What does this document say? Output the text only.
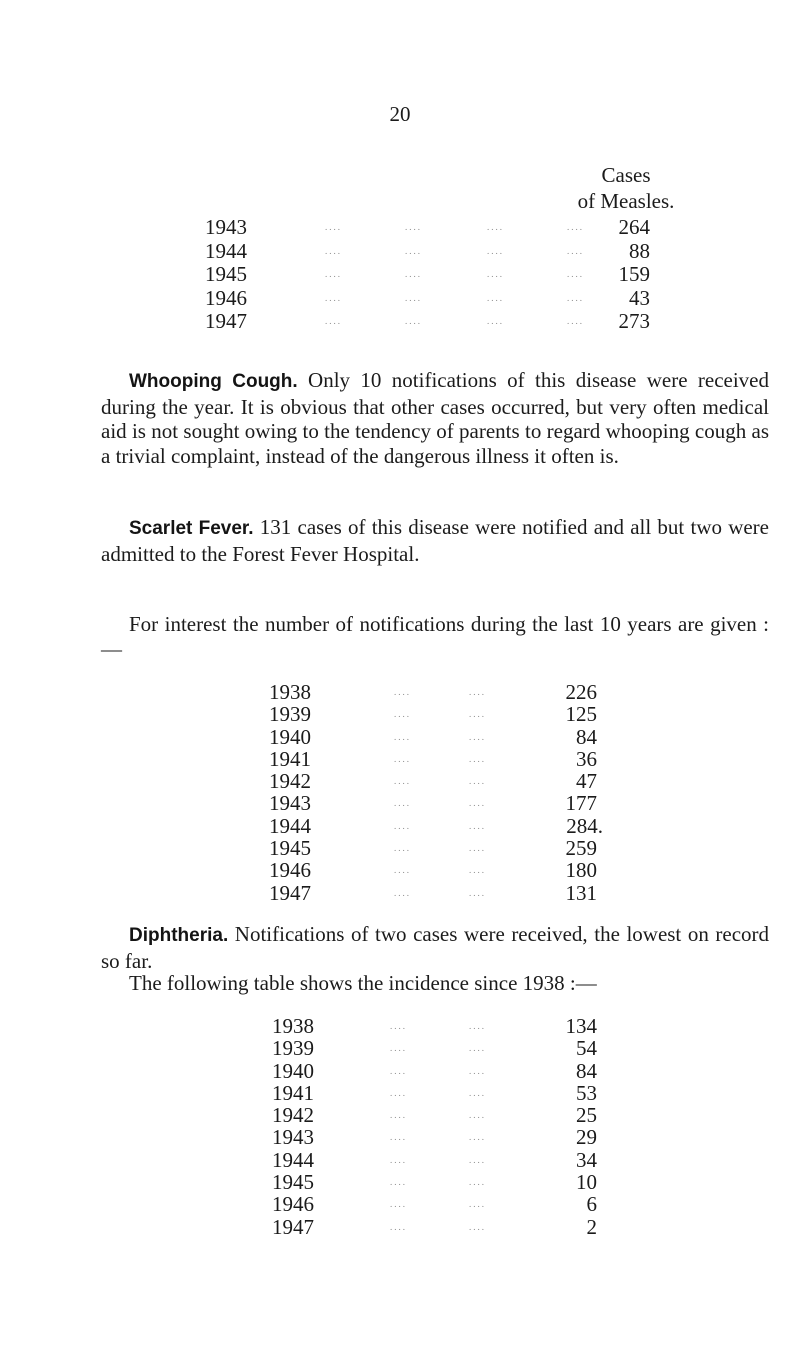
20
Cases
of Measles.
1943	....	....	....	.... 264
1944	....	....	....	.... 88
1945	....	....	....	.... 159
1946	....	....	....	.... 43
1947	....	....	....	.... 273
Whooping Cough. Only 10 notifications of this disease were received during the year. It is obvious that other cases occurred, but very often medical aid is not sought owing to the tendency of parents to regard whooping cough as a trivial complaint, instead of the dangerous illness it often is.
Scarlet Fever. 131 cases of this disease were notified and all but two were admitted to the Forest Fever Hospital.
For interest the number of notifications during the last 10 years are given :—
1938	....	....	226
1939	....	....	125
1940	....	....	84
1941	....	....	36
1942	....	....	47
1943	....	....	177
1944	....	....	284.
1945	....	....	259
1946	....	....	180
1947	....	....	131
Diphtheria. Notifications of two cases were received, the lowest on record so far.
The following table shows the incidence since 1938 :—
1938	....	....	134
1939	....	....	54
1940	....	....	84
1941	....	....	53
1942	....	....	25
1943	....	....	29
1944	....	....	34
1945	....	....	10
1946	....	....	6
1947	....	....	2
